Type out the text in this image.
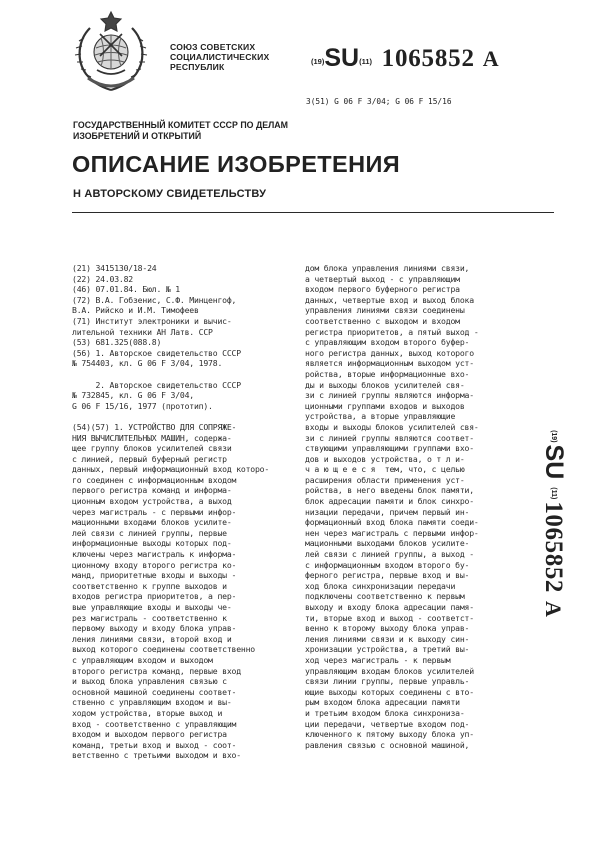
СОЮЗ СОВЕТСКИХ СОЦИАЛИСТИЧЕСКИХ РЕСПУБЛИК
(19)SU(11) 1065852 A
3(51) G 06 F 3/04; G 06 F 15/16
ГОСУДАРСТВЕННЫЙ КОМИТЕТ СССР ПО ДЕЛАМ ИЗОБРЕТЕНИЙ И ОТКРЫТИЙ
ОПИСАНИЕ ИЗОБРЕТЕНИЯ
Н АВТОРСКОМУ СВИДЕТЕЛЬСТВУ
(21) 3415130/18-24
(22) 24.03.82
(46) 07.01.84. Бюл. № 1
(72) В.А. Гобзенис, С.Ф. Минценгоф,
В.А. Рийско и И.М. Тимофеев
(71) Институт электроники и вычис-
лительной техники АН Латв. ССР
(53) 681.325(088.8)
(56) 1. Авторское свидетельство СССР
№ 754403, кл. G 06 F 3/04, 1978.

2. Авторское свидетельство СССР
№ 732845, кл. G 06 F 3/04,
G 06 F 15/16, 1977 (прототип).

(54)(57) 1. УСТРОЙСТВО ДЛЯ СОПРЯЖЕ-
НИЯ ВЫЧИСЛИТЕЛЬНЫХ МАШИН, содержа-
щее группу блоков усилителей связи
с линией, первый буферный регистр
данных, первый информационный вход которо-
го соединен с информационным входом
первого регистра команд и информа-
ционным входом устройства, а выход
через магистраль - с первыми инфор-
мационными входами блоков усилите-
лей связи с линией группы, первые
информационные выходы которых под-
ключены через магистраль к информа-
ционному входу второго регистра ко-
манд, приоритетные входы и выходы -
соответственно к группе выходов и
входов регистра приоритетов, а пер-
вые управляющие входы и выходы че-
рез магистраль - соответственно к
первому выходу и входу блока управ-
ления линиями связи, второй вход и
выход которого соединены соответственно
с управляющим входом и выходом
второго регистра команд, первые вход
и выход блока управления связью с
основной машиной соединены соответ-
ственно с управляющим входом и вы-
ходом устройства, вторые выход и
вход - соответственно с управляющим
входом и выходом первого регистра
команд, третьи вход и выход - соот-
ветственно с третьими выходом и вхо-
дом блока управления линиями связи,
а четвертый выход - с управляющим
входом первого буферного регистра
данных, четвертые вход и выход блока
управления линиями связи соединены
соответственно с выходом и входом
регистра приоритетов, а пятый выход -
с управляющим входом второго буфер-
ного регистра данных, выход которого
является информационным выходом уст-
ройства, вторые информационные вхо-
ды и выходы блоков усилителей свя-
зи с линией группы являются информа-
ционными группами входов и выходов
устройства, а вторые управляющие
входы и выходы блоков усилителей свя-
зи с линией группы являются соответ-
ствующими управляющими группами вхо-
дов и выходов устройства, о т л и-
ч а ю щ е е с я  тем, что, с целью
расширения области применения уст-
ройства, в него введены блок памяти,
блок адресации памяти и блок синхро-
низации передачи, причем первый ин-
формационный вход блока памяти соеди-
нен через магистраль с первыми инфор-
мационными выходами блоков усилите-
лей связи с линией группы, а выход -
с информационным входом второго бу-
ферного регистра, первые вход и вы-
ход блока синхронизации передачи
подключены соответственно к первым
выходу и входу блока адресации памя-
ти, вторые вход и выход - соответст-
венно к второму выходу блока управ-
ления линиями связи и к выходу син-
хронизации устройства, а третий вы-
ход через магистраль - к первым
управляющим входам блоков усилителей
связи линии группы, первые управль-
ющие выходы которых соединены с вто-
рым входом блока адресации памяти
и третьим входом блока синхрониза-
ции передачи, четвертые входом под-
ключенного к пятому выходу блока уп-
равления связью с основной машиной,
(19)
SU
(11)
1065852
A
